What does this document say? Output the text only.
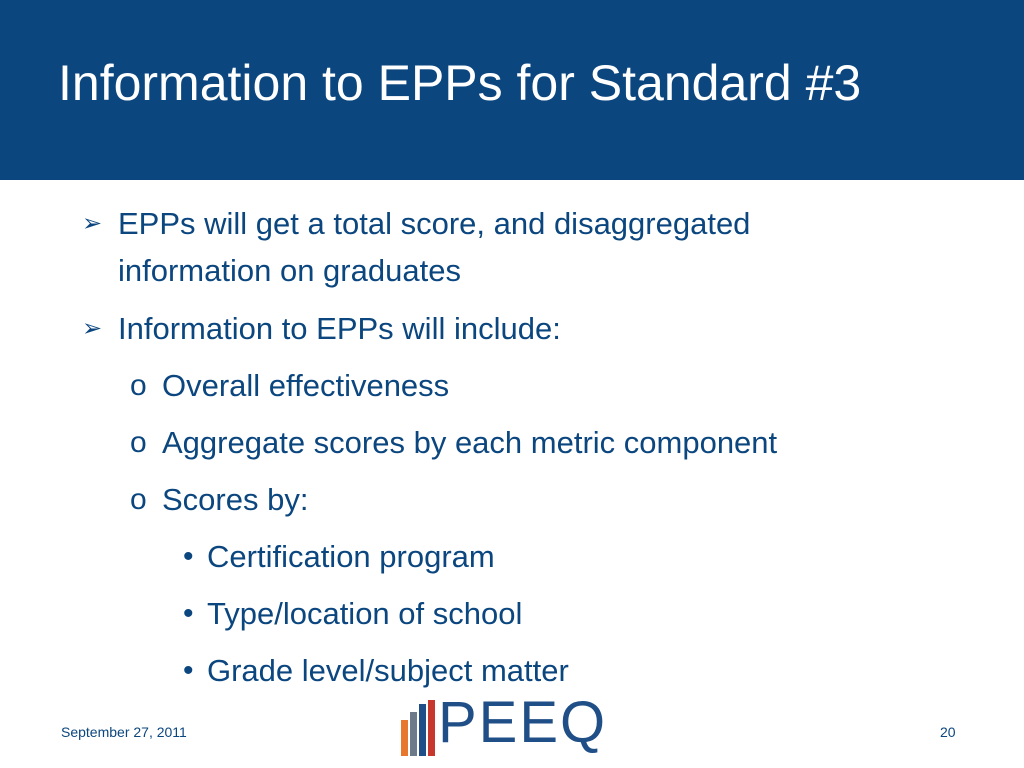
Information to EPPs for Standard #3
➢ EPPs will get a total score, and disaggregated information on graduates
➢ Information to EPPs will include:
o Overall effectiveness
o Aggregate scores by each metric component
o Scores by:
• Certification program
• Type/location of school
• Grade level/subject matter
September 27, 2011	PEEQ	20
